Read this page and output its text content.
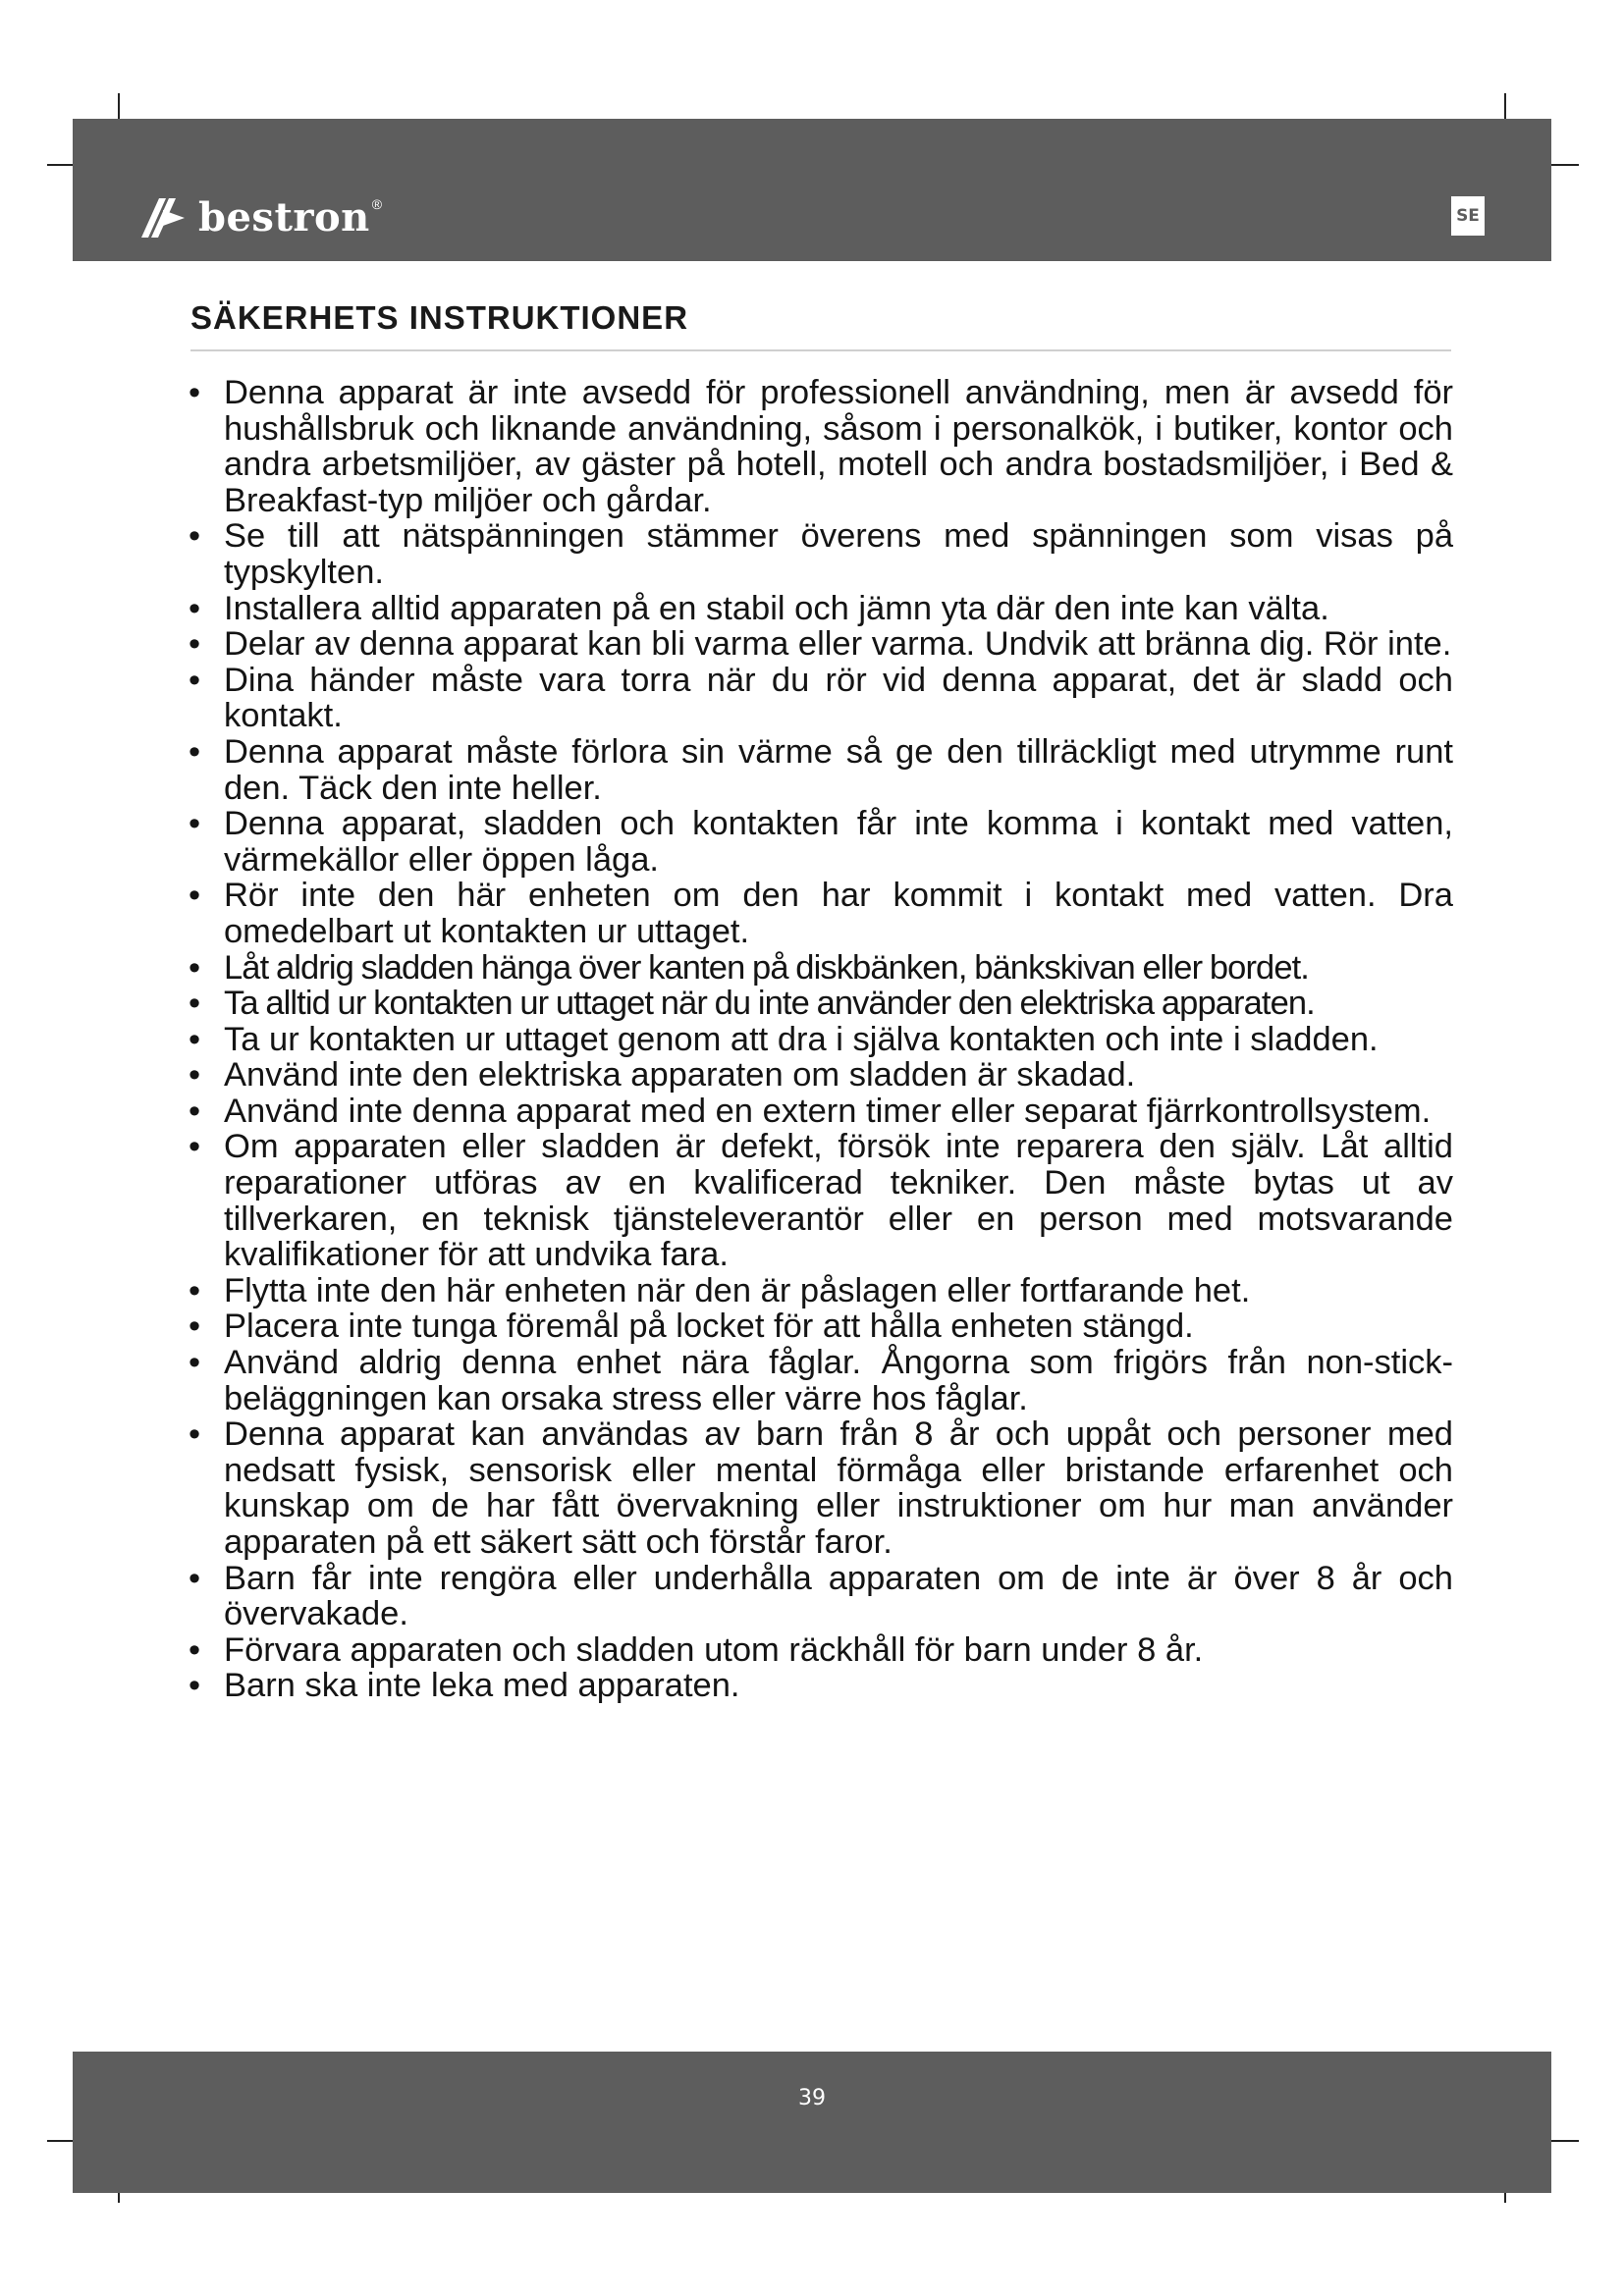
bestron ®
SE
SÄKERHETS INSTRUKTIONER
• Denna apparat är inte avsedd för professionell användning, men är avsedd för hushållsbruk och liknande användning, såsom i personalkök, i butiker, kontor och andra arbetsmiljöer, av gäster på hotell, motell och andra bostadsmiljöer, i Bed & Breakfast-typ miljöer och gårdar.
• Se till att nätspänningen stämmer överens med spänningen som visas på typskylten.
• Installera alltid apparaten på en stabil och jämn yta där den inte kan välta.
• Delar av denna apparat kan bli varma eller varma. Undvik att bränna dig. Rör inte.
• Dina händer måste vara torra när du rör vid denna apparat, det är sladd och kontakt.
• Denna apparat måste förlora sin värme så ge den tillräckligt med utrymme runt den. Täck den inte heller.
• Denna apparat, sladden och kontakten får inte komma i kontakt med vatten, värmekällor eller öppen låga.
• Rör inte den här enheten om den har kommit i kontakt med vatten. Dra omedelbart ut kontakten ur uttaget.
• Låt aldrig sladden hänga över kanten på diskbänken, bänkskivan eller bordet.
• Ta alltid ur kontakten ur uttaget när du inte använder den elektriska apparaten.
• Ta ur kontakten ur uttaget genom att dra i själva kontakten och inte i sladden.
• Använd inte den elektriska apparaten om sladden är skadad.
• Använd inte denna apparat med en extern timer eller separat fjärrkontrollsystem.
• Om apparaten eller sladden är defekt, försök inte reparera den själv. Låt alltid reparationer utföras av en kvalificerad tekniker. Den måste bytas ut av tillverkaren, en teknisk tjänsteleverantör eller en person med motsvarande kvalifikationer för att undvika fara.
• Flytta inte den här enheten när den är påslagen eller fortfarande het.
• Placera inte tunga föremål på locket för att hålla enheten stängd.
• Använd aldrig denna enhet nära fåglar. Ångorna som frigörs från non-stick-beläggningen kan orsaka stress eller värre hos fåglar.
• Denna apparat kan användas av barn från 8 år och uppåt och personer med nedsatt fysisk, sensorisk eller mental förmåga eller bristande erfarenhet och kunskap om de har fått övervakning eller instruktioner om hur man använder apparaten på ett säkert sätt och förstår faror.
• Barn får inte rengöra eller underhålla apparaten om de inte är över 8 år och övervakade.
• Förvara apparaten och sladden utom räckhåll för barn under 8 år.
• Barn ska inte leka med apparaten.
39
